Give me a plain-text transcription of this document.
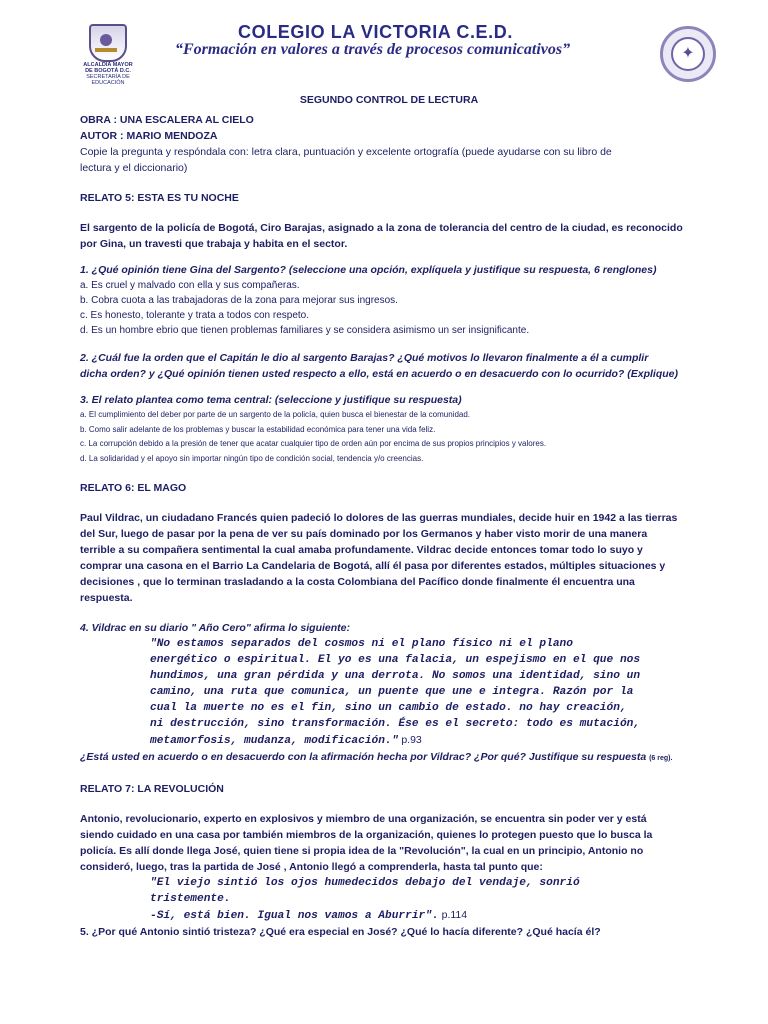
ALCALDÍA MAYOR
DE BOGOTÁ D.C.
SECRETARÍA DE EDUCACIÓN
COLEGIO LA VICTORIA C.E.D.
“Formación en valores a través de procesos comunicativos”	✦
SEGUNDO CONTROL DE LECTURA

OBRA : UNA ESCALERA AL CIELO

AUTOR : MARIO MENDOZA

Copie la pregunta y respóndala con: letra clara, puntuación y excelente ortografía (puede ayudarse con su libro de

lectura y el diccionario)

RELATO 5: ESTA ES TU NOCHE

El sargento de la policía de Bogotá, Ciro Barajas, asignado a la zona de tolerancia del centro de la ciudad, es reconocido

por Gina, un travesti que trabaja y habita en el sector.

1. ¿Qué opinión tiene Gina del Sargento? (seleccione una opción, explíquela y justifique su respuesta, 6 renglones)

a. Es cruel y malvado con ella y sus compañeras.

b. Cobra cuota a las trabajadoras de la zona para mejorar sus ingresos.

c. Es honesto, tolerante y trata a todos con respeto.

d. Es un hombre ebrio que tienen problemas familiares y se considera asimismo un ser insignificante.

2. ¿Cuál fue la orden que el Capitán le dio al sargento Barajas? ¿Qué motivos lo llevaron finalmente a él a cumplir

dicha orden? y ¿Qué opinión tienen usted respecto a ello, está en acuerdo o en desacuerdo con lo ocurrido? (Explique)

3. El relato plantea como tema central: (seleccione y justifique su respuesta)

a. El cumplimiento del deber por parte de un sargento de la policía, quien busca el bienestar de la comunidad.

b. Como salir adelante de los problemas y buscar la estabilidad económica para tener una vida feliz.

c. La corrupción debido a la presión de tener que acatar cualquier tipo de orden aún por encima de sus propios principios y valores.

d. La solidaridad y el apoyo sin importar ningún tipo de condición social, tendencia y/o creencias.

RELATO 6: EL MAGO

Paul Vildrac, un ciudadano Francés quien padeció lo dolores de las guerras mundiales, decide huir en 1942 a las tierras

del Sur, luego de pasar por la pena de ver su país dominado por los Germanos y haber visto morir de una manera

terrible a su compañera sentimental la cual amaba profundamente. Vildrac decide entonces tomar todo lo suyo y

comprar una casona en el Barrio La Candelaria de Bogotá, allí él pasa por diferentes estados, múltiples situaciones y

decisiones , que lo terminan trasladando a la costa Colombiana del Pacífico donde finalmente él encuentra una

respuesta.

4. Vildrac en su diario " Año Cero" afirma lo siguiente:

"No estamos separados del cosmos ni el plano físico ni el plano

energético o espiritual. El yo es una falacia, un espejismo en el que nos

hundimos, una gran pérdida y una derrota. No somos una identidad, sino un

camino, una ruta que comunica, un puente que une e integra. Razón por la

cual la muerte no es el fin, sino un cambio de estado. no hay creación,

ni destrucción, sino transformación. Ése es el secreto: todo es mutación,

metamorfosis, mudanza, modificación." p.93

¿Está usted en acuerdo o en desacuerdo con la afirmación hecha por Vildrac? ¿Por qué? Justifique su respuesta (6 reg).

RELATO 7: LA REVOLUCIÓN

Antonio, revolucionario, experto en explosivos y miembro de una organización, se encuentra sin poder ver y está

siendo cuidado en una casa por también miembros de la organización, quienes lo protegen puesto que lo busca la

policía. Es allí donde llega José, quien tiene si propia idea de la "Revolución", la cual en un principio, Antonio no

consideró, luego, tras la partida de José , Antonio llegó a comprenderla, hasta tal punto que:

"El viejo sintió los ojos humedecidos debajo del vendaje, sonrió

tristemente.

-Sí, está bien. Igual nos vamos a Aburrir". p.114

5. ¿Por qué Antonio sintió tristeza? ¿Qué era especial en José? ¿Qué lo hacía diferente? ¿Qué hacía él?
